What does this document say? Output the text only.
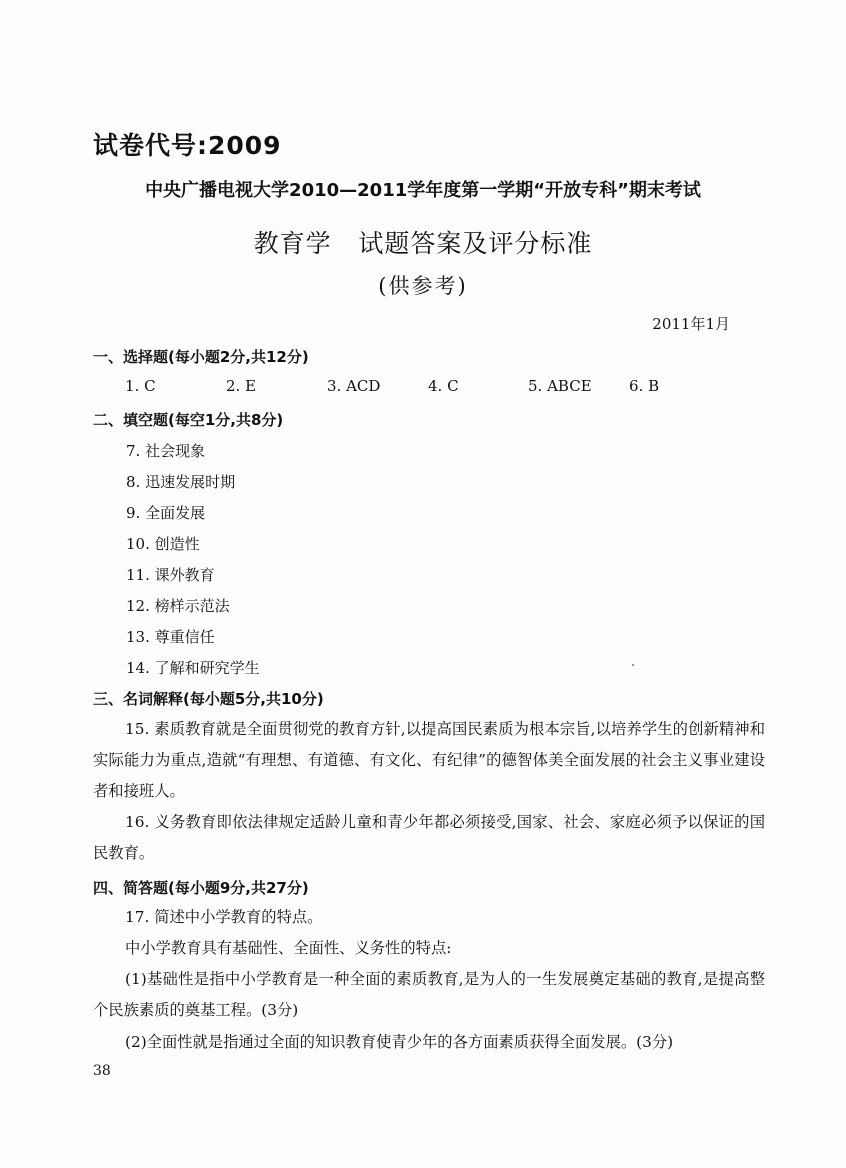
试卷代号:2009
中央广播电视大学2010—2011学年度第一学期“开放专科”期末考试
教育学   试题答案及评分标准
(供参考)
2011年1月
一、选择题(每小题2分,共12分)
1. C	2. E	3. ACD	4. C	5. ABCE 6. B
二、填空题(每空1分,共8分)
7. 社会现象
8. 迅速发展时期
9. 全面发展
10. 创造性
11. 课外教育
12. 榜样示范法
13. 尊重信任
14. 了解和研究学生
三、名词解释(每小题5分,共10分)
15. 素质教育就是全面贯彻党的教育方针,以提高国民素质为根本宗旨,以培养学生的创新精神和实际能力为重点,造就“有理想、有道德、有文化、有纪律”的德智体美全面发展的社会主义事业建设者和接班人。
16. 义务教育即依法律规定适龄儿童和青少年都必须接受,国家、社会、家庭必须予以保证的国民教育。
四、简答题(每小题9分,共27分)
17. 简述中小学教育的特点。
中小学教育具有基础性、全面性、义务性的特点:
(1)基础性是指中小学教育是一种全面的素质教育,是为人的一生发展奠定基础的教育,是提高整个民族素质的奠基工程。(3分)
(2)全面性就是指通过全面的知识教育使青少年的各方面素质获得全面发展。(3分)
38
